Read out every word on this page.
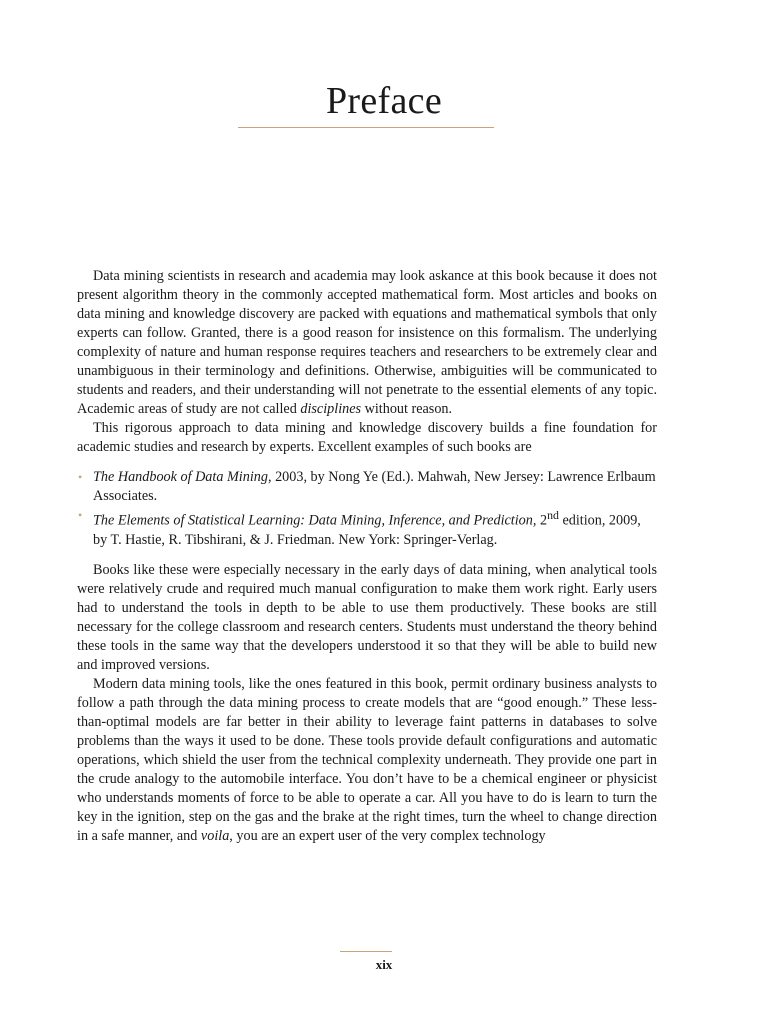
Preface

Data mining scientists in research and academia may look askance at this book because it does not present algorithm theory in the commonly accepted mathematical form. Most articles and books on data mining and knowledge discovery are packed with equations and mathematical symbols that only experts can follow. Granted, there is a good reason for insistence on this formalism. The underlying complexity of nature and human response requires teachers and researchers to be extremely clear and unambiguous in their terminology and definitions. Otherwise, ambiguities will be communicated to students and readers, and their understanding will not penetrate to the essential elements of any topic. Academic areas of study are not called disciplines without reason.

This rigorous approach to data mining and knowledge discovery builds a fine foundation for academic studies and research by experts. Excellent examples of such books are

• The Handbook of Data Mining, 2003, by Nong Ye (Ed.). Mahwah, New Jersey: Lawrence Erlbaum Associates.
• The Elements of Statistical Learning: Data Mining, Inference, and Prediction, 2nd edition, 2009, by T. Hastie, R. Tibshirani, & J. Friedman. New York: Springer-Verlag.

Books like these were especially necessary in the early days of data mining, when analytical tools were relatively crude and required much manual configuration to make them work right. Early users had to understand the tools in depth to be able to use them productively. These books are still necessary for the college classroom and research centers. Students must understand the theory behind these tools in the same way that the developers understood it so that they will be able to build new and improved versions.

Modern data mining tools, like the ones featured in this book, permit ordinary business analysts to follow a path through the data mining process to create models that are “good enough.” These less-than-optimal models are far better in their ability to leverage faint patterns in databases to solve problems than the ways it used to be done. These tools provide default configurations and automatic operations, which shield the user from the technical complexity underneath. They provide one part in the crude analogy to the automobile interface. You don’t have to be a chemical engineer or physicist who understands moments of force to be able to operate a car. All you have to do is learn to turn the key in the ignition, step on the gas and the brake at the right times, turn the wheel to change direction in a safe manner, and voila, you are an expert user of the very complex technology

xix
